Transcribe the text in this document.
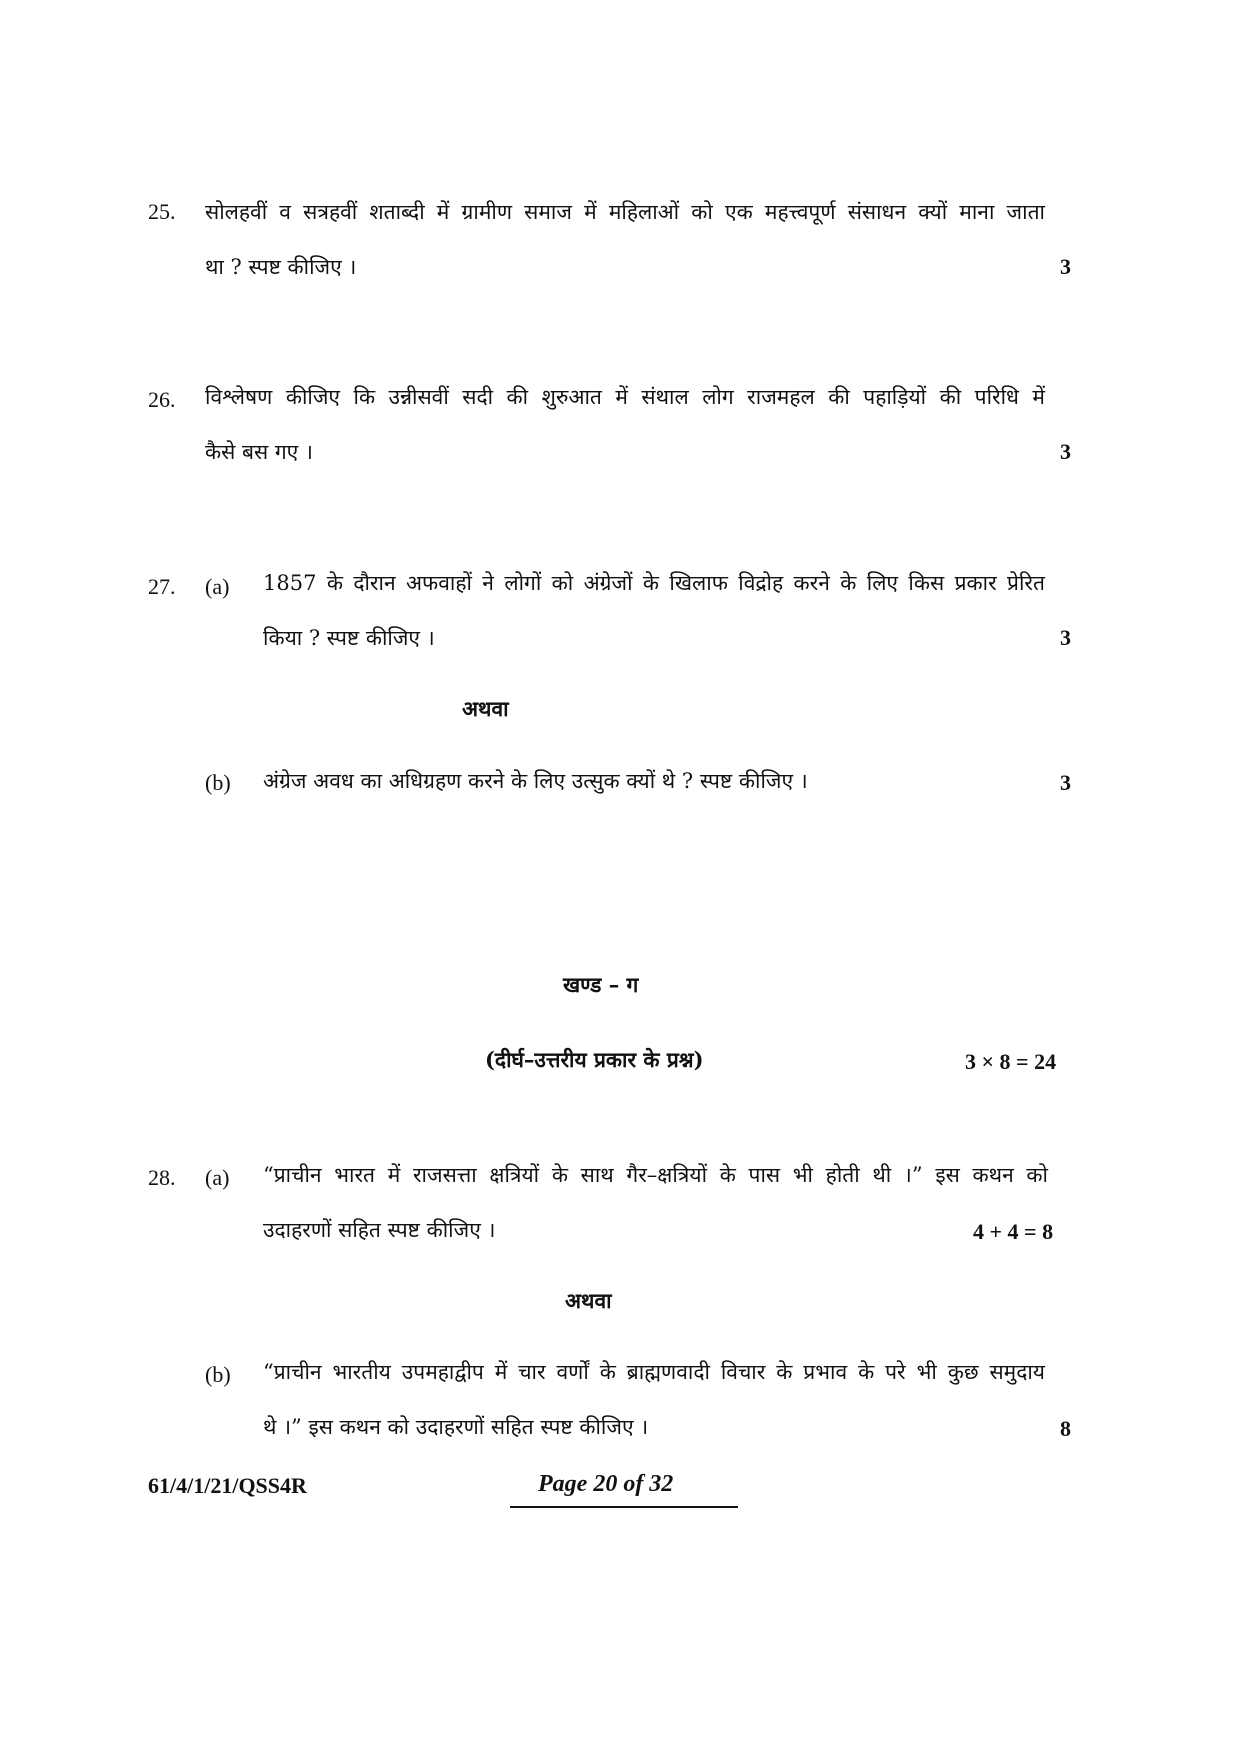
25. सोलहवीं व सत्रहवीं शताब्दी में ग्रामीण समाज में महिलाओं को एक महत्त्वपूर्ण संसाधन क्यों माना जाता
था ? स्पष्ट कीजिए ।	3
26. विश्लेषण कीजिए कि उन्नीसवीं सदी की शुरुआत में संथाल लोग राजमहल की पहाड़ियों की परिधि में
कैसे बस गए ।	3
27. (a) 1857 के दौरान अफवाहों ने लोगों को अंग्रेजों के खिलाफ विद्रोह करने के लिए किस प्रकार प्रेरित
किया ? स्पष्ट कीजिए ।	3
अथवा
(b) अंग्रेज अवध का अधिग्रहण करने के लिए उत्सुक क्यों थे ? स्पष्ट कीजिए ।	3
खण्ड – ग
(दीर्घ–उत्तरीय प्रकार के प्रश्न)	3 × 8 = 24
28. (a) “प्राचीन भारत में राजसत्ता क्षत्रियों के साथ गैर–क्षत्रियों के पास भी होती थी ।” इस कथन को
उदाहरणों सहित स्पष्ट कीजिए ।	4 + 4 = 8
अथवा
(b) “प्राचीन भारतीय उपमहाद्वीप में चार वर्णों के ब्राह्मणवादी विचार के प्रभाव के परे भी कुछ समुदाय
थे ।” इस कथन को उदाहरणों सहित स्पष्ट कीजिए ।	8
61/4/1/21/QSS4R	Page 20 of 32
